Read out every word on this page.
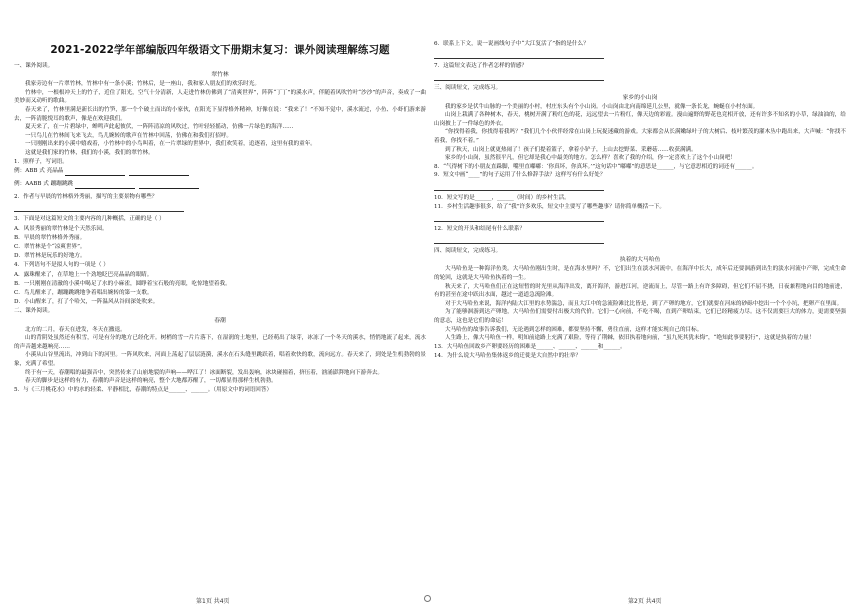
2021-2022学年部编版四年级语文下册期末复习：课外阅读理解练习题
一、课外阅读。
翠竹林
我家旁边有一片翠竹林，竹林中有一条小溪；竹林后，是一座山，我和家人朋友们的欢乐时光。
竹林中，一根根冲天上的竹子，近住了阳光，空气十分清新，人走进竹林仿佛到了“清爽世界”，阵阵“丁丁”的溪水声，伴随着风吹竹叶“沙沙”的声音，奏成了一曲美妙而又动听的歌曲。
春天来了，竹林里满是新长出的竹笋，那一个个破土而出的小家伙，在阳光下显得格外精神，好像在说：“我来了！”不知不觉中，溪水流过，小鱼、小虾们游来游去，一阵清脆悦耳的歌声，像是在欢迎我们。
夏天来了，在一片碧绿中，蝉鸣声此起彼伏，一阵阵清凉的风吹过，竹叶轻轻摇动，仿佛一片绿色的海洋……
一只鸟儿在竹林间飞来飞去，鸟儿婉转的歌声在竹林中回荡，仿佛在和我们打招呼。
一只刚刚出来的小溪中嬉戏着，小竹林中的小鸟叫着，在一片翠绿的世界中，我们欢笑着，追逐着，这里有我的童年。
这就是我们家的竹林，我们的小溪，我们的翠竹林。
1．照样子，写词语。
例：ABB 式 亮晶晶
例：AABB 式 蹦蹦跳跳
2．作者与早晨的竹林格外秀丽，描写的主要景物有哪些？
3．下面是对这篇短文的主要内容的几种概括，正确的是（ ）
A．风景秀丽的翠竹林是个天然乐园。
B．早晨的翠竹林格外秀丽。
C．翠竹林是个“凉爽世界”。
D．翠竹林是玩乐的好地方。
4．下列语句不是拟人句的一项是（ ）
A．露珠醒来了，在草地上一个劲地眨巴亮晶晶的眼睛。
B．一只刚刚在清澈的小溪中喝足了水的小麻雀，圆睁着宝石般的亮眼，吃惊地望着我。
C．鸟儿醒来了，蹦蹦跳跳地争着唱出婉转的第一支歌。
D．小山醒来了，打了个哈欠，一阵温风从谷间深处吹来。
二、课外阅读。
春潮
北方的二月，春天在进发，冬天在撤退。
山的背阴处虽然还有积雪，可是有分的地方已经化开。树梢的雪一片片落下，在湿润的土地里，已经萌出了绿芽，冰冻了一个冬天的溪水，悄悄地流了起来，流水的声音越来越响亮……
小溪从山谷里流出，冲到山下的河里。一阵风吹来，河面上荡起了层层涟漪，溪水在石头缝里跳跃着，唱着欢快的歌，流向远方。春天来了，到处是生机勃勃的景象，充满了希望。
终于有一天，春潮唱的最强音中，突然传来了山崩地裂的声响——哗江了！冰面断裂，发出轰响，冰块碰撞着，挤压着，汹涌澎湃地向下游奔去。
春天的脚步是这样的有力，春潮的声音是这样的响亮，整个大地都苏醒了，一切都显得那样生机勃勃。
5．与《三月桃花水》中的水的轻柔、平静相比，春潮的特点是______、______。（用原文中的词语回答）
6．联系上下文，说一说画线句子中“大江复活了”指的是什么？
7．这篇短文表达了作者怎样的情感？
三、阅读短文，完成练习。
家乡的小山岗
我的家乡是伏牛山脉的一个美丽的小村，村庄东头有个小山岗。小山岗由北向南绵延几公里，就像一条长龙，蜿蜒在小村东面。
山岗上栽满了各种树木，春天，桃树开满了粉红色的花，远远望去一片粉红，像天边的彩霞。漫山遍野的野花也竞相开放，还有许多不知名的小草，绿油油的，给山岗披上了一件绿色的外衣。
“你找得着我，你找得着我吗？”我们几个小伙伴经常在山岗上玩捉迷藏的游戏。大家都会从长满嫩绿叶子的大树后、枝叶繁茂的灌木丛中跑出来，大声喊：“你找不着我，你找不着。”
到了秋天，山岗上就更热闹了！孩子们提着篮子，拿着小铲子，上山去挖野菜、采蘑菇……收获满满。
家乡的小山岗，虽然很平凡，但它却是我心中最美的地方。怎么样？喜欢了我的介绍，你一定喜欢上了这个小山岗吧！
8．“气得树下的小朋友直跺脚，嘴里直嘟嘟：‘你真坏，你真坏。’”这句话中“嘟嘟”的意思是______，与它意思相近的词还有______。
9．短文中画“____”的句子运用了什么修辞手法？这样写有什么好处？
10．短文写的是______，______（时间）的乡村生活。
11．乡村生活趣事很多，给了“我”许多欢乐，短文中主要写了哪些趣事？请你简单概括一下。
12．短文的开头和结尾有什么联系？
四、阅读短文，完成练习。
执着的大马哈鱼
大马哈鱼是一种海洋鱼类。大马哈鱼刚出生时，是在海水里吗？不，它们出生在淡水河流中，在海洋中长大，成年后还要洄游到出生的淡水河流中产卵，完成生命的轮回，这就是大马哈鱼执着的一生。
秋天来了，大马哈鱼们正在这短暂的时光里从海洋出发，离开海洋，游进江河，逆流而上，尽管一路上有许多障碍，但它们不屈不挠，日夜兼程地向目的地前进，有的甚至在途中跃出水面，越过一道道急流险滩。
对于大马哈鱼来说，海洋内陆大江里的水势湍急，而且大江中的急流险滩比比皆是，到了产卵的地方，它们就要在河床的砂砾中挖出一个个小坑，把卵产在里面。
为了能够洄游到达产卵地，大马哈鱼们需要付出极大的代价。它们一心向前，不吃不喝，直到产卵结束，它们已经精疲力尽。这不仅需要巨大的体力，更需要坚强的意志，这也是它们的命运！
大马哈鱼的故事告诉我们，无论遇到怎样的困难，都要坚持不懈，勇往直前，这样才能实现自己的目标。
人生路上，像大马哈鱼一样，明知前途路上充满了艰险，等待了荆棘，依旧执着地向前，“虽九死其犹未悔”，“绝知此事要躬行”，这就是执着的力量！
13．大马哈鱼回故乡产卵要经历的困难是______、______、______和______。
14．为什么说大马哈鱼集体返乡的迁徙是大自然中的壮举？
第1页 共4页	第2页 共4页
